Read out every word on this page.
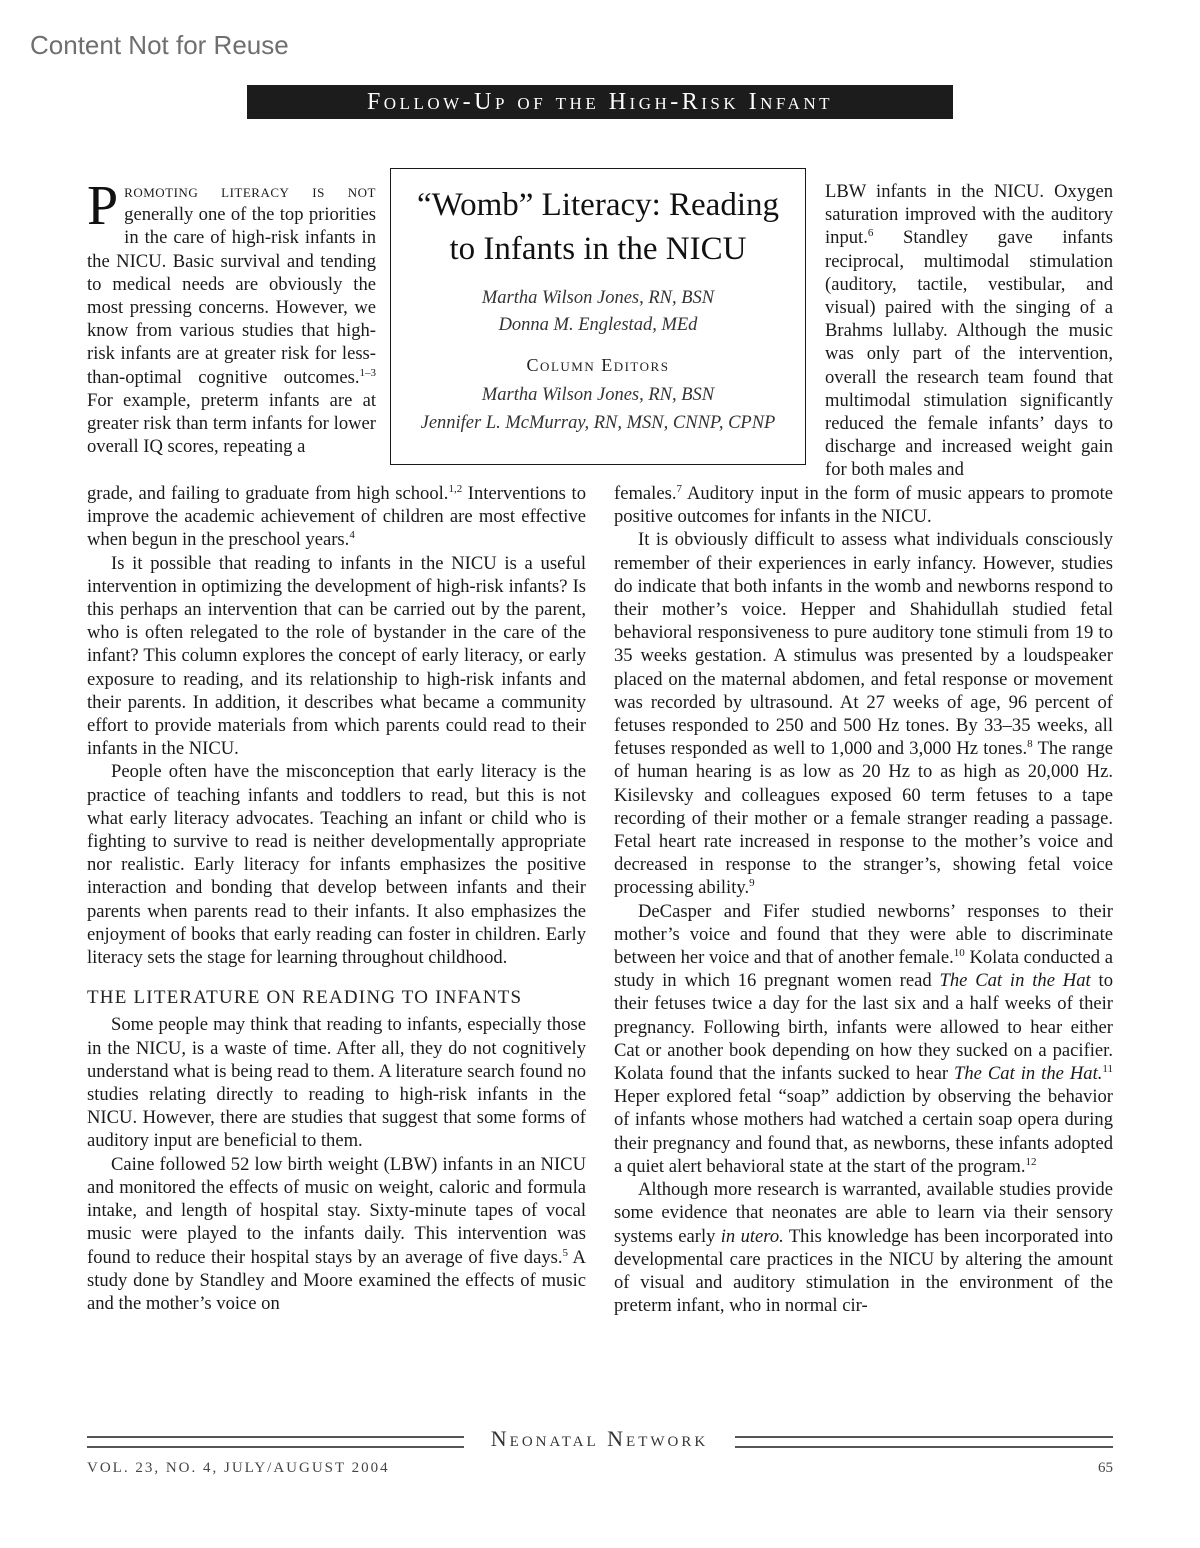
Content Not for Reuse
Follow-Up of the High-Risk Infant
“Womb” Literacy: Reading
to Infants in the NICU
Martha Wilson Jones, RN, BSN
Donna M. Englestad, MEd
Column Editors
Martha Wilson Jones, RN, BSN
Jennifer L. McMurray, RN, MSN, CNNP, CPNP

Promoting literacy is not generally one of the top priorities in the care of high-risk infants in the NICU. Basic survival and tending to medical needs are obviously the most pressing concerns. However, we know from various studies that high-risk infants are at greater risk for less-than-optimal cognitive outcomes.$^{1-3}$ For example, preterm infants are at greater risk than term infants for lower overall IQ scores, repeating a

LBW infants in the NICU. Oxygen saturation improved with the auditory input.$^6$ Standley gave infants reciprocal, multimodal stimulation (auditory, tactile, vestibular, and visual) paired with the singing of a Brahms lullaby. Although the music was only part of the intervention, overall the research team found that multimodal stimulation significantly reduced the female infants’ days to discharge and increased weight gain for both males and

grade, and failing to graduate from high school.$^{1,2}$ Interventions to improve the academic achievement of children are most effective when begun in the preschool years.$^4$

Is it possible that reading to infants in the NICU is a useful intervention in optimizing the development of high-risk infants? Is this perhaps an intervention that can be carried out by the parent, who is often relegated to the role of bystander in the care of the infant? This column explores the concept of early literacy, or early exposure to reading, and its relationship to high-risk infants and their parents. In addition, it describes what became a community effort to provide materials from which parents could read to their infants in the NICU.

People often have the misconception that early literacy is the practice of teaching infants and toddlers to read, but this is not what early literacy advocates. Teaching an infant or child who is fighting to survive to read is neither developmentally appropriate nor realistic. Early literacy for infants emphasizes the positive interaction and bonding that develop between infants and their parents when parents read to their infants. It also emphasizes the enjoyment of books that early reading can foster in children. Early literacy sets the stage for learning throughout childhood.

THE LITERATURE ON READING TO INFANTS

Some people may think that reading to infants, especially those in the NICU, is a waste of time. After all, they do not cognitively understand what is being read to them. A literature search found no studies relating directly to reading to high-risk infants in the NICU. However, there are studies that suggest that some forms of auditory input are beneficial to them.

Caine followed 52 low birth weight (LBW) infants in an NICU and monitored the effects of music on weight, caloric and formula intake, and length of hospital stay. Sixty-minute tapes of vocal music were played to the infants daily. This intervention was found to reduce their hospital stays by an average of five days.$^5$ A study done by Standley and Moore examined the effects of music and the mother’s voice on

females.$^7$ Auditory input in the form of music appears to promote positive outcomes for infants in the NICU.

It is obviously difficult to assess what individuals consciously remember of their experiences in early infancy. However, studies do indicate that both infants in the womb and newborns respond to their mother’s voice. Hepper and Shahidullah studied fetal behavioral responsiveness to pure auditory tone stimuli from 19 to 35 weeks gestation. A stimulus was presented by a loudspeaker placed on the maternal abdomen, and fetal response or movement was recorded by ultrasound. At 27 weeks of age, 96 percent of fetuses responded to 250 and 500 Hz tones. By 33–35 weeks, all fetuses responded as well to 1,000 and 3,000 Hz tones.$^8$ The range of human hearing is as low as 20 Hz to as high as 20,000 Hz. Kisilevsky and colleagues exposed 60 term fetuses to a tape recording of their mother or a female stranger reading a passage. Fetal heart rate increased in response to the mother’s voice and decreased in response to the stranger’s, showing fetal voice processing ability.$^9$

DeCasper and Fifer studied newborns’ responses to their mother’s voice and found that they were able to discriminate between her voice and that of another female.$^{10}$ Kolata conducted a study in which 16 pregnant women read The Cat in the Hat to their fetuses twice a day for the last six and a half weeks of their pregnancy. Following birth, infants were allowed to hear either Cat or another book depending on how they sucked on a pacifier. Kolata found that the infants sucked to hear The Cat in the Hat.$^{11}$ Heper explored fetal “soap” addiction by observing the behavior of infants whose mothers had watched a certain soap opera during their pregnancy and found that, as newborns, these infants adopted a quiet alert behavioral state at the start of the program.$^{12}$

Although more research is warranted, available studies provide some evidence that neonates are able to learn via their sensory systems early in utero. This knowledge has been incorporated into developmental care practices in the NICU by altering the amount of visual and auditory stimulation in the environment of the preterm infant, who in normal cir-

Neonatal Network
VOL. 23, NO. 4, JULY/AUGUST 2004	65
